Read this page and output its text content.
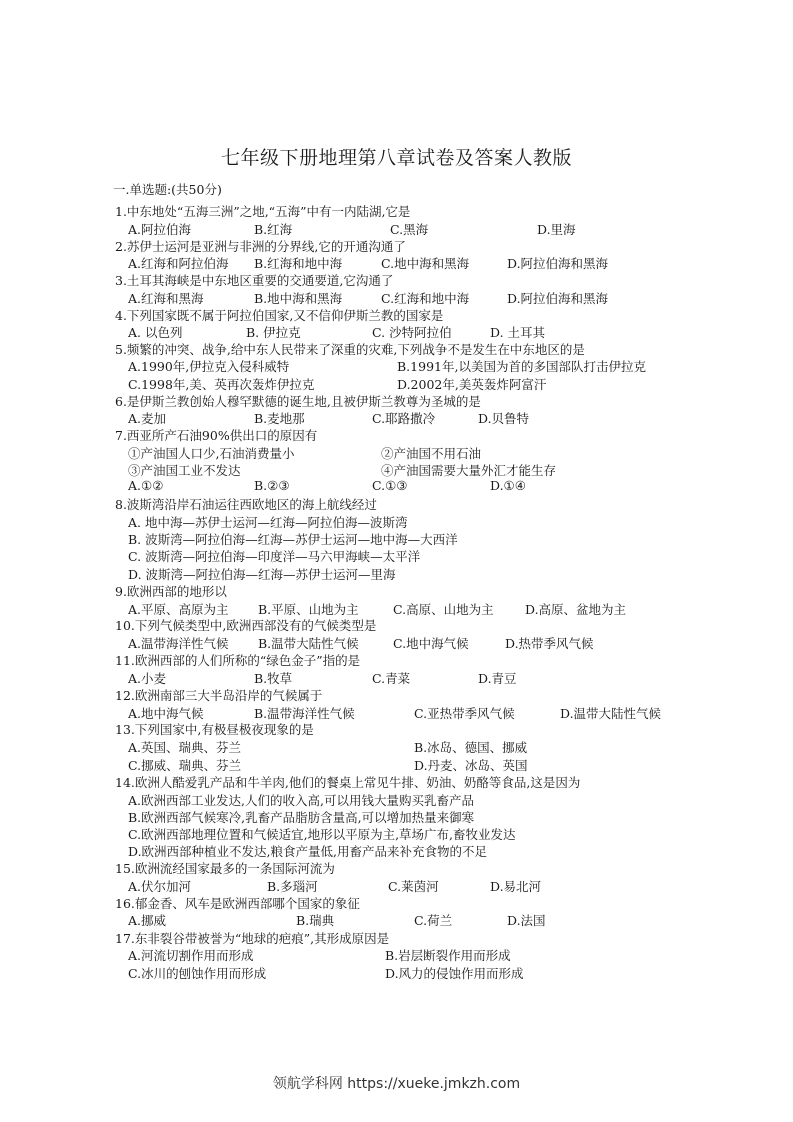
七年级下册地理第八章试卷及答案人教版
一.单选题:(共50分)
1.中东地处“五海三洲”之地,“五海”中有一内陆湖,它是
A.阿拉伯海	B.红海	C.黑海	D.里海
2.苏伊士运河是亚洲与非洲的分界线,它的开通沟通了
A.红海和阿拉伯海 B.红海和地中海	C.地中海和黑海	D.阿拉伯海和黑海
3.土耳其海峡是中东地区重要的交通要道,它沟通了
A.红海和黑海	B.地中海和黑海	C.红海和地中海	D.阿拉伯海和黑海
4.下列国家既不属于阿拉伯国家,又不信仰伊斯兰教的国家是
A. 以色列	B. 伊拉克	C. 沙特阿拉伯	D. 土耳其
5.频繁的冲突、战争,给中东人民带来了深重的灾难,下列战争不是发生在中东地区的是
A.1990年,伊拉克入侵科威特	B.1991年,以美国为首的多国部队打击伊拉克
C.1998年,美、英再次轰炸伊拉克	D.2002年,美英轰炸阿富汗
6.是伊斯兰教创始人穆罕默德的诞生地,且被伊斯兰教尊为圣城的是
A.麦加	B.麦地那	C.耶路撒冷	D.贝鲁特
7.西亚所产石油90%供出口的原因有
①产油国人口少,石油消费量小	②产油国不用石油
③产油国工业不发达	④产油国需要大量外汇才能生存
A.①②	B.②③	C.①③	D.①④
8.波斯湾沿岸石油运往西欧地区的海上航线经过
A. 地中海—苏伊士运河—红海—阿拉伯海—波斯湾
B. 波斯湾—阿拉伯海—红海—苏伊士运河—地中海—大西洋
C. 波斯湾—阿拉伯海—印度洋—马六甲海峡—太平洋
D. 波斯湾—阿拉伯海—红海—苏伊士运河—里海
9.欧洲西部的地形以
A.平原、高原为主 B.平原、山地为主	C.高原、山地为主	D.高原、盆地为主
10.下列气候类型中,欧洲西部没有的气候类型是
A.温带海洋性气候 B.温带大陆性气候	C.地中海气候	D.热带季风气候
11.欧洲西部的人们所称的“绿色金子”指的是
A.小麦	B.牧草	C.青菜	D.青豆
12.欧洲南部三大半岛沿岸的气候属于
A.地中海气候	B.温带海洋性气候	C.亚热带季风气候	D.温带大陆性气候
13.下列国家中,有极昼极夜现象的是
A.英国、瑞典、芬兰	B.冰岛、德国、挪威
C.挪威、瑞典、芬兰	D.丹麦、冰岛、英国
14.欧洲人酷爱乳产品和牛羊肉,他们的餐桌上常见牛排、奶油、奶酪等食品,这是因为
A.欧洲西部工业发达,人们的收入高,可以用钱大量购买乳畜产品
B.欧洲西部气候寒冷,乳畜产品脂肪含量高,可以增加热量来御寒
C.欧洲西部地理位置和气候适宜,地形以平原为主,草场广布,畜牧业发达
D.欧洲西部种植业不发达,粮食产量低,用畜产品来补充食物的不足
15.欧洲流经国家最多的一条国际河流为
A.伏尔加河	B.多瑙河	C.莱茵河	D.易北河
16.郁金香、风车是欧洲西部哪个国家的象征
A.挪威	B.瑞典	C.荷兰	D.法国
17.东非裂谷带被誉为“地球的疤痕”,其形成原因是
A.河流切割作用而形成	B.岩层断裂作用而形成
C.冰川的刨蚀作用而形成	D.风力的侵蚀作用而形成
领航学科网 https://xueke.jmkzh.com
